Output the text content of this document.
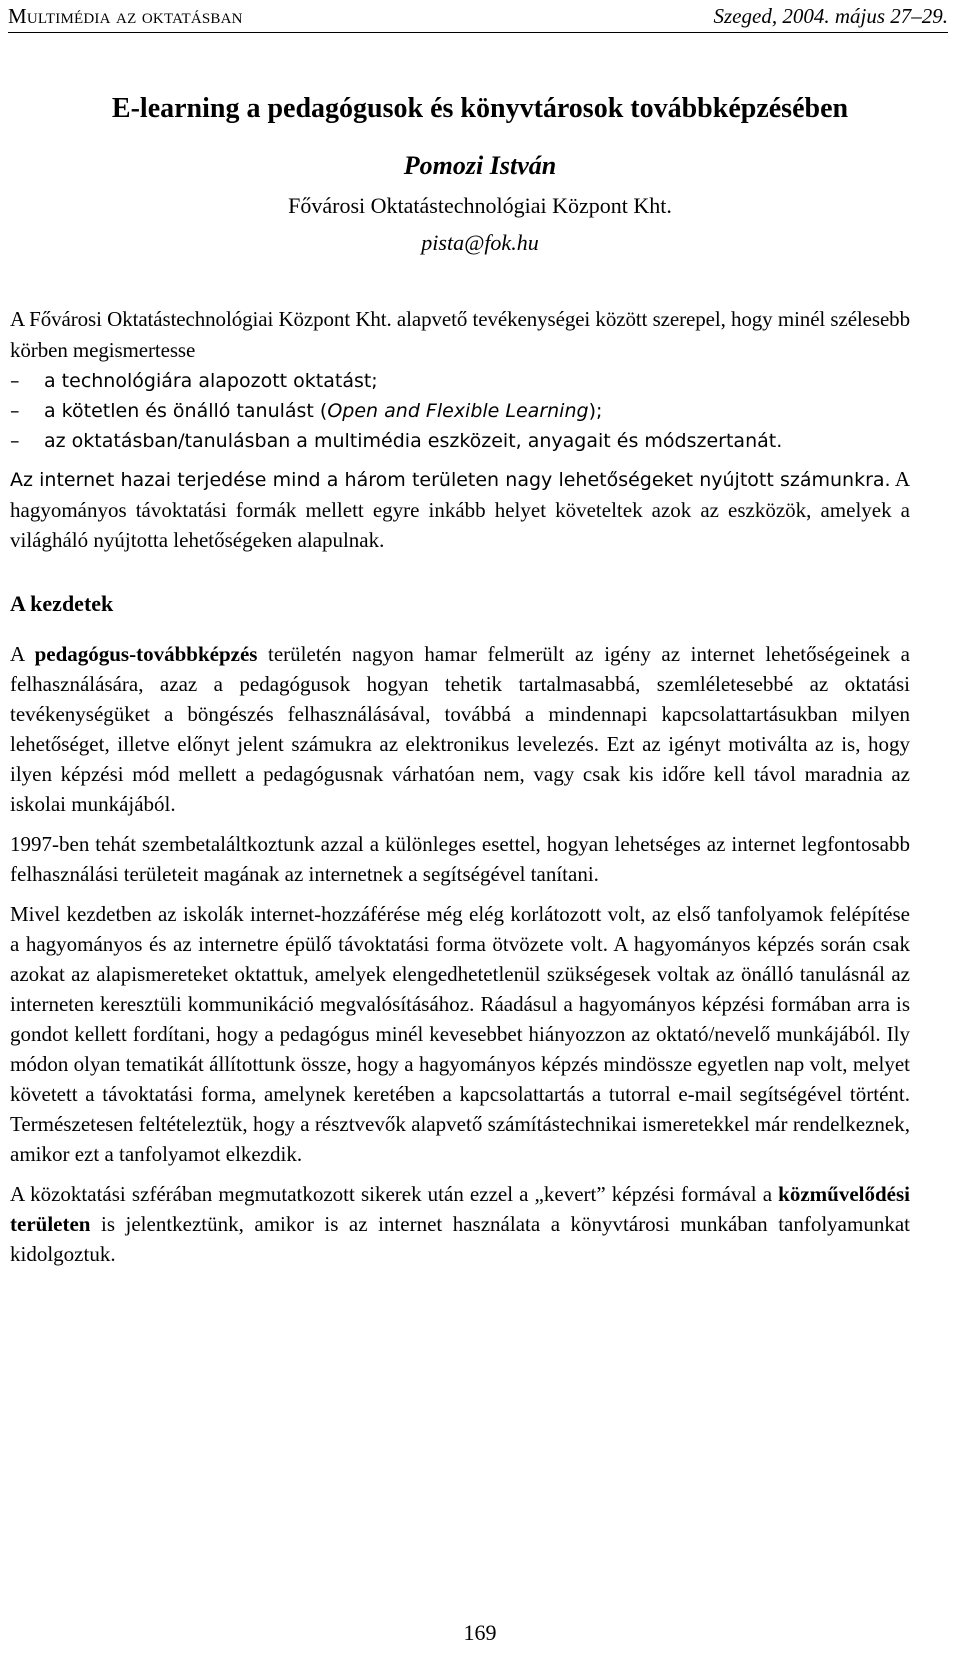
Multimédia az oktatásban	Szeged, 2004. május 27–29.
E-learning a pedagógusok és könyvtárosok továbbképzésében
Pomozi István
Fővárosi Oktatástechnológiai Központ Kht.
pista@fok.hu

A Fővárosi Oktatástechnológiai Központ Kht. alapvető tevékenységei között szerepel, hogy minél szélesebb körben megismertesse

– a technológiára alapozott oktatást;
– a kötetlen és önálló tanulást (Open and Flexible Learning);
– az oktatásban/tanulásban a multimédia eszközeit, anyagait és módszertanát.

Az internet hazai terjedése mind a három területen nagy lehetőségeket nyújtott számunkra. A hagyományos távoktatási formák mellett egyre inkább helyet követeltek azok az eszközök, amelyek a világháló nyújtotta lehetőségeken alapulnak.

A kezdetek

A pedagógus-továbbképzés területén nagyon hamar felmerült az igény az internet lehetőségeinek a felhasználására, azaz a pedagógusok hogyan tehetik tartalmasabbá, szemléletesebbé az oktatási tevékenységüket a böngészés felhasználásával, továbbá a mindennapi kapcsolattartásukban milyen lehetőséget, illetve előnyt jelent számukra az elektronikus levelezés. Ezt az igényt motiválta az is, hogy ilyen képzési mód mellett a pedagógusnak várhatóan nem, vagy csak kis időre kell távol maradnia az iskolai munkájából.

1997-ben tehát szembetaláltkoztunk azzal a különleges esettel, hogyan lehetséges az internet legfontosabb felhasználási területeit magának az internetnek a segítségével tanítani.

Mivel kezdetben az iskolák internet-hozzáférése még elég korlátozott volt, az első tanfolyamok felépítése a hagyományos és az internetre épülő távoktatási forma ötvözete volt. A hagyományos képzés során csak azokat az alapismereteket oktattuk, amelyek elengedhetetlenül szükségesek voltak az önálló tanulásnál az interneten keresztüli kommunikáció megvalósításához. Ráadásul a hagyományos képzési formában arra is gondot kellett fordítani, hogy a pedagógus minél kevesebbet hiányozzon az oktató/nevelő munkájából. Ily módon olyan tematikát állítottunk össze, hogy a hagyományos képzés mindössze egyetlen nap volt, melyet követett a távoktatási forma, amelynek keretében a kapcsolattartás a tutorral e-mail segítségével történt. Természetesen feltételeztük, hogy a résztvevők alapvető számítástechnikai ismeretekkel már rendelkeznek, amikor ezt a tanfolyamot elkezdik.

A közoktatási szférában megmutatkozott sikerek után ezzel a „kevert” képzési formával a közművelődési területen is jelentkeztünk, amikor is az internet használata a könyvtárosi munkában tanfolyamunkat kidolgoztuk.

169
